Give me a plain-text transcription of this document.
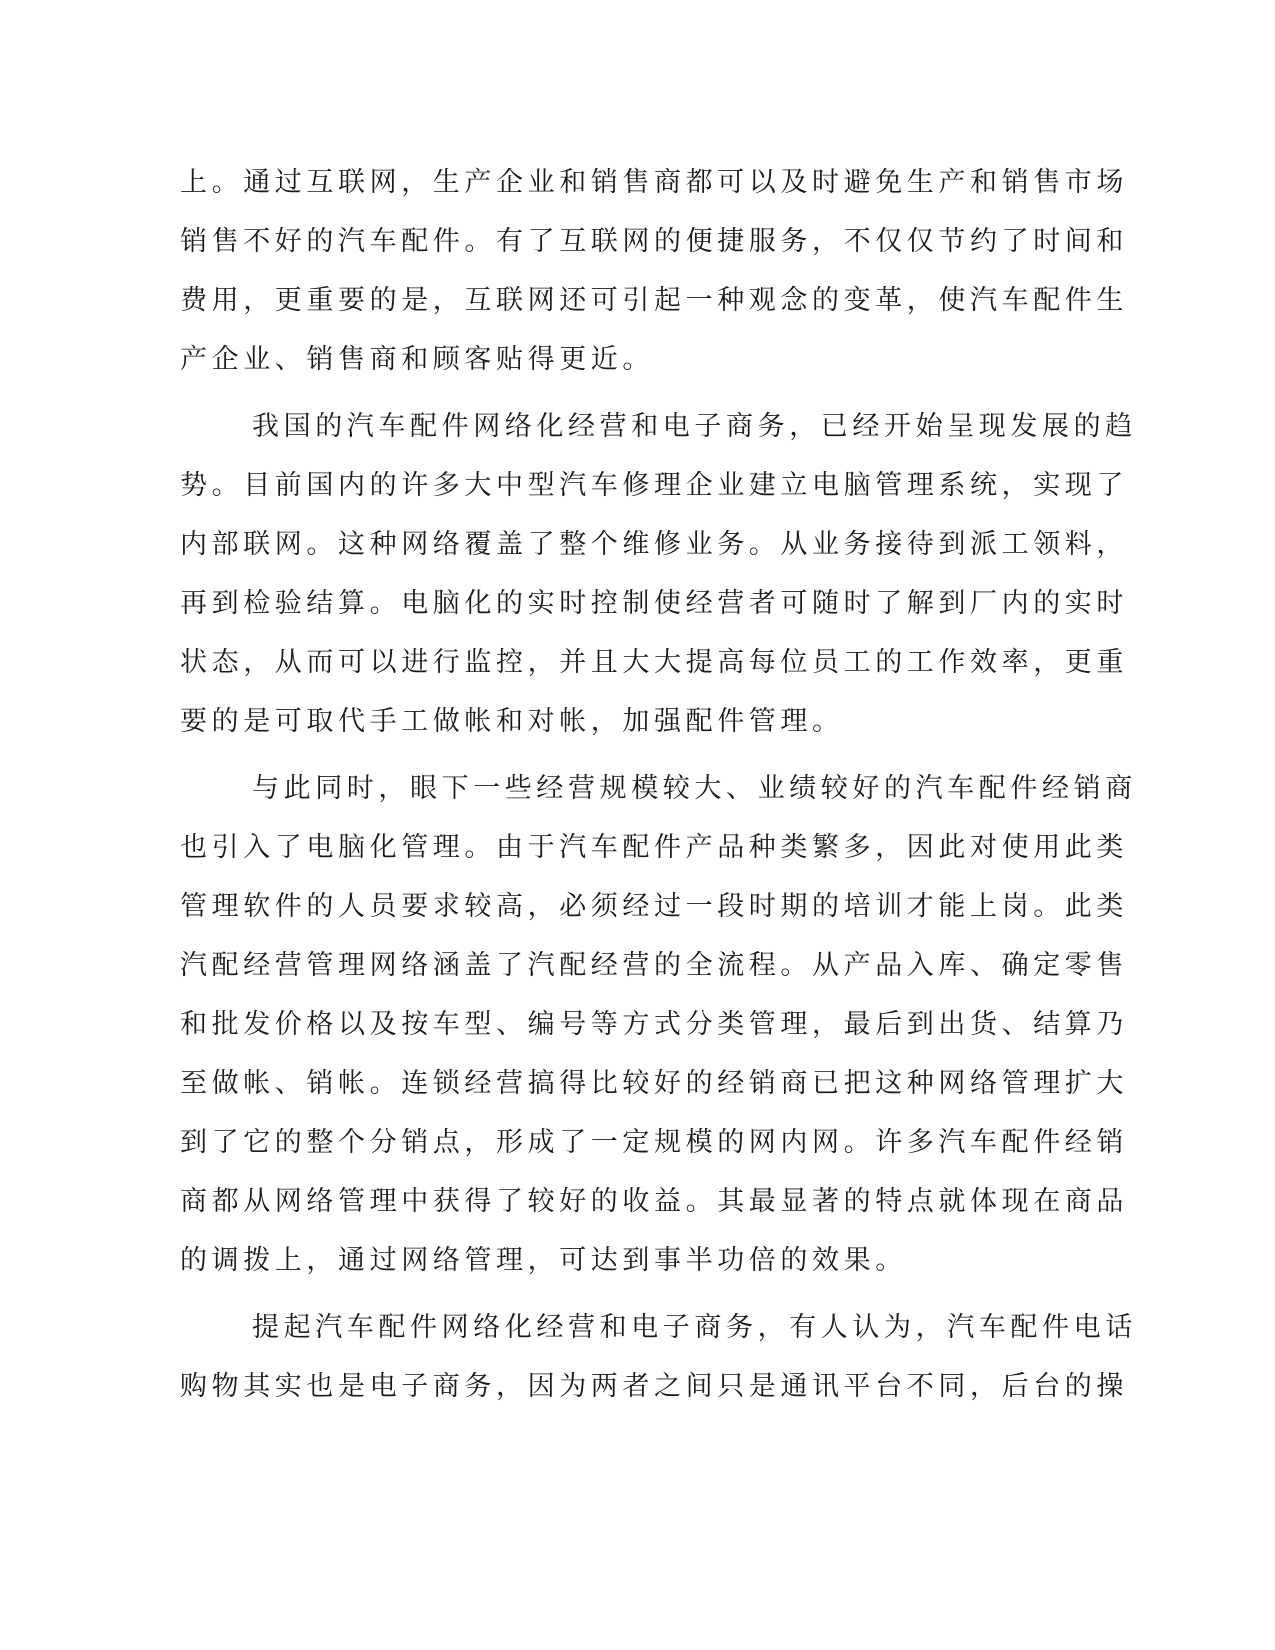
上。通过互联网，生产企业和销售商都可以及时避免生产和销售市场
销售不好的汽车配件。有了互联网的便捷服务，不仅仅节约了时间和
费用，更重要的是，互联网还可引起一种观念的变革，使汽车配件生
产企业、销售商和顾客贴得更近。
我国的汽车配件网络化经营和电子商务，已经开始呈现发展的趋
势。目前国内的许多大中型汽车修理企业建立电脑管理系统，实现了
内部联网。这种网络覆盖了整个维修业务。从业务接待到派工领料，
再到检验结算。电脑化的实时控制使经营者可随时了解到厂内的实时
状态，从而可以进行监控，并且大大提高每位员工的工作效率，更重
要的是可取代手工做帐和对帐，加强配件管理。
与此同时，眼下一些经营规模较大、业绩较好的汽车配件经销商
也引入了电脑化管理。由于汽车配件产品种类繁多，因此对使用此类
管理软件的人员要求较高，必须经过一段时期的培训才能上岗。此类
汽配经营管理网络涵盖了汽配经营的全流程。从产品入库、确定零售
和批发价格以及按车型、编号等方式分类管理，最后到出货、结算乃
至做帐、销帐。连锁经营搞得比较好的经销商已把这种网络管理扩大
到了它的整个分销点，形成了一定规模的网内网。许多汽车配件经销
商都从网络管理中获得了较好的收益。其最显著的特点就体现在商品
的调拨上，通过网络管理，可达到事半功倍的效果。
提起汽车配件网络化经营和电子商务，有人认为，汽车配件电话
购物其实也是电子商务，因为两者之间只是通讯平台不同，后台的操
